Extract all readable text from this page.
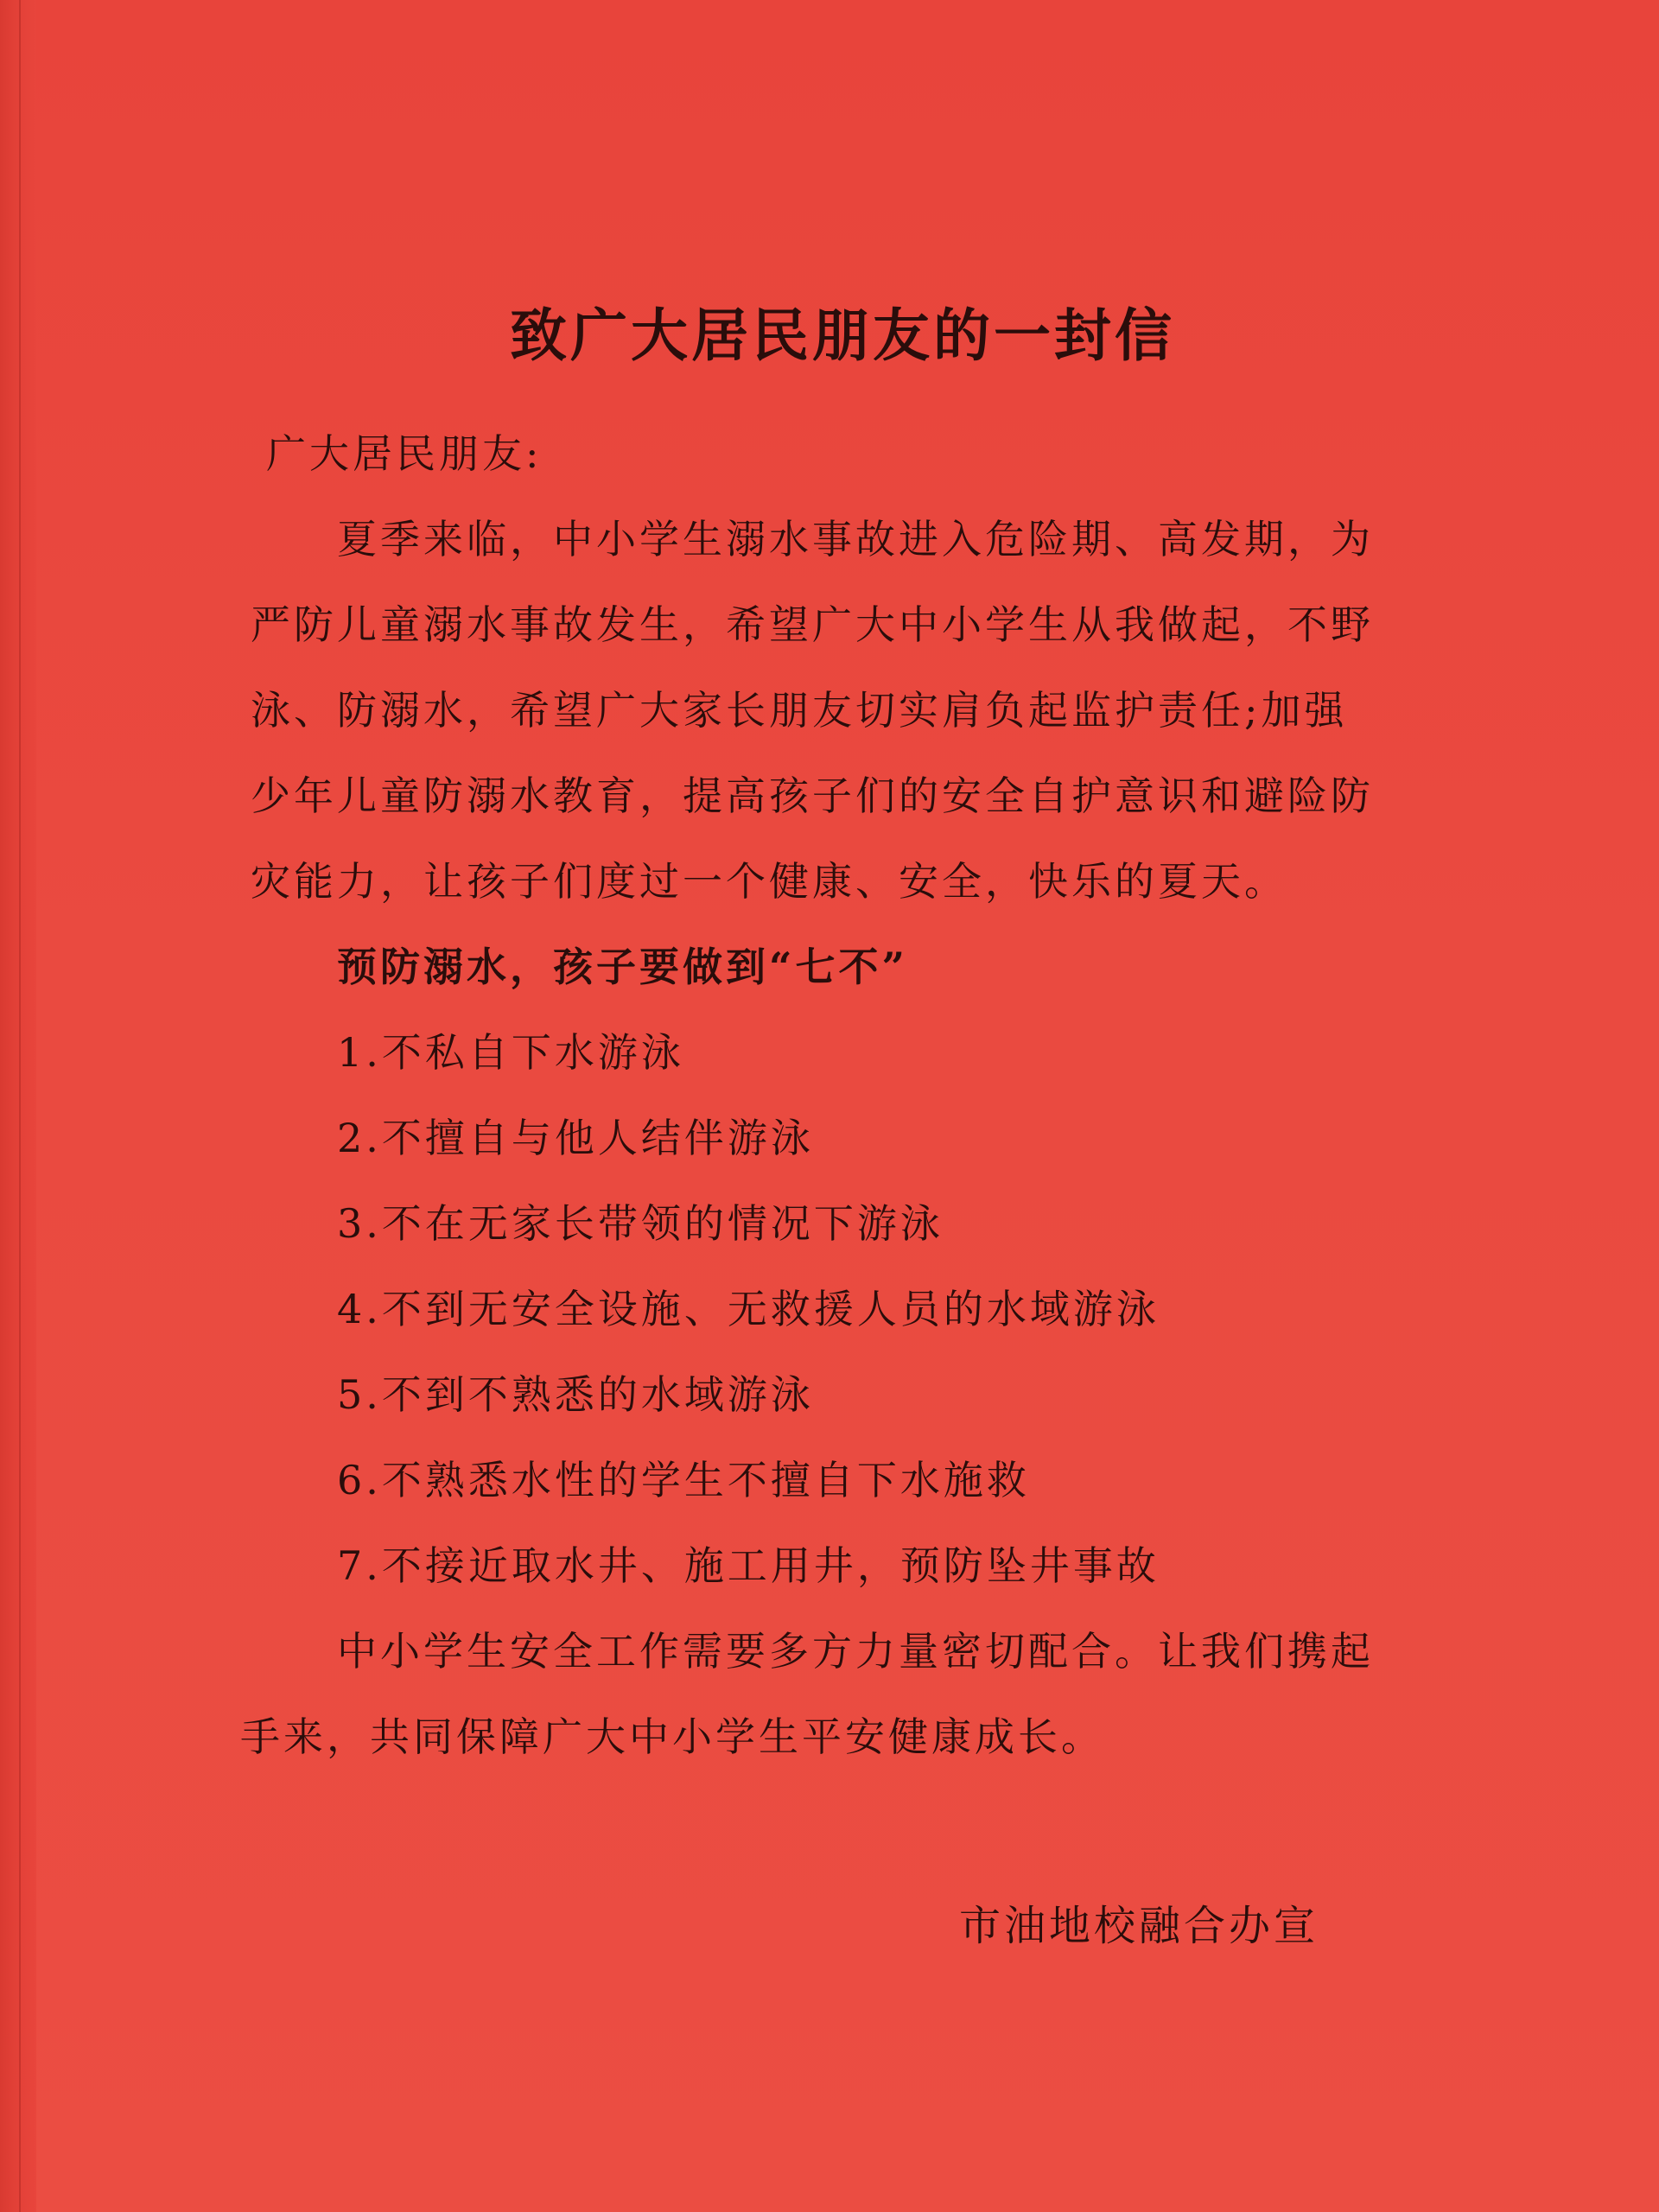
致广大居民朋友的一封信
广大居民朋友:
夏季来临，中小学生溺水事故进入危险期、高发期，为
严防儿童溺水事故发生，希望广大中小学生从我做起，不野
泳、防溺水，希望广大家长朋友切实肩负起监护责任;加强
少年儿童防溺水教育，提高孩子们的安全自护意识和避险防
灾能力，让孩子们度过一个健康、安全，快乐的夏天。
预防溺水，孩子要做到“七不”
1.不私自下水游泳
2.不擅自与他人结伴游泳
3.不在无家长带领的情况下游泳
4.不到无安全设施、无救援人员的水域游泳
5.不到不熟悉的水域游泳
6.不熟悉水性的学生不擅自下水施救
7.不接近取水井、施工用井，预防坠井事故
中小学生安全工作需要多方力量密切配合。让我们携起
手来，共同保障广大中小学生平安健康成长。
市油地校融合办宣
